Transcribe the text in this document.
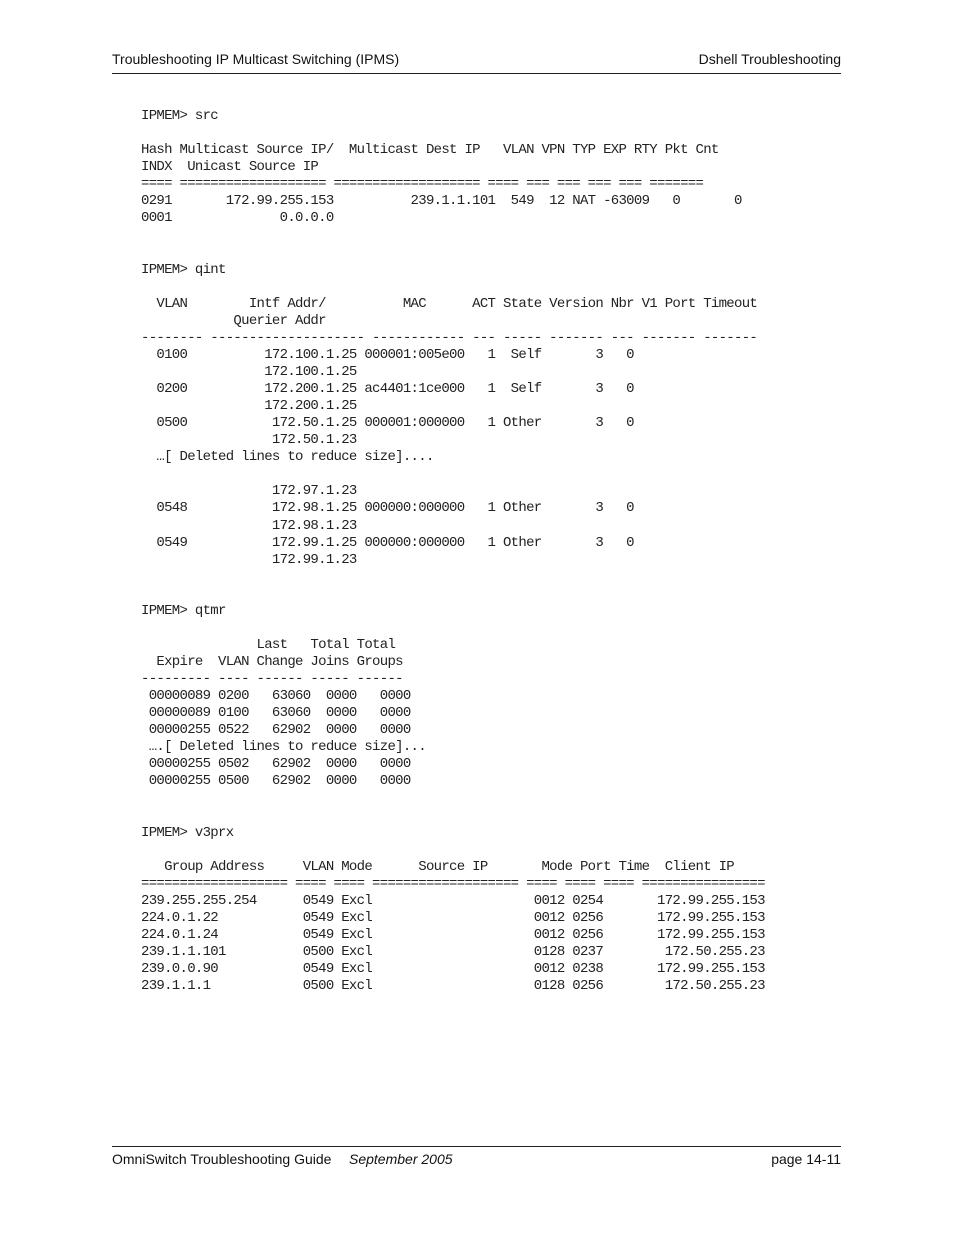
Troubleshooting IP Multicast Switching (IPMS)	Dshell Troubleshooting
IPMEM> src

Hash Multicast Source IP/  Multicast Dest IP   VLAN VPN TYP EXP RTY Pkt Cnt
INDX  Unicast Source IP
==== =================== =================== ==== === === === === =======
0291       172.99.255.153          239.1.1.101  549  12 NAT -63009   0       0
0001              0.0.0.0

IPMEM> qint

VLAN        Intf Addr/          MAC      ACT State Version Nbr V1 Port Timeout
Querier Addr
-------- -------------------- ------------ --- ----- ------- --- ------- -------
0100          172.100.1.25 000001:005e00   1  Self       3   0
172.100.1.25
0200          172.200.1.25 ac4401:1ce000   1  Self       3   0
172.200.1.25
0500           172.50.1.25 000001:000000   1 Other       3   0
172.50.1.23
…[ Deleted lines to reduce size]....

172.97.1.23
0548           172.98.1.25 000000:000000   1 Other       3   0
172.98.1.23
0549           172.99.1.25 000000:000000   1 Other       3   0
172.99.1.23

IPMEM> qtmr

Last   Total Total
Expire  VLAN Change Joins Groups
--------- ---- ------ ----- ------
00000089 0200   63060  0000   0000
00000089 0100   63060  0000   0000
00000255 0522   62902  0000   0000
….[ Deleted lines to reduce size]...
00000255 0502   62902  0000   0000
00000255 0500   62902  0000   0000

IPMEM> v3prx

Group Address     VLAN Mode      Source IP       Mode Port Time  Client IP
=================== ==== ==== =================== ==== ==== ==== ================
239.255.255.254      0549 Excl                     0012 0254       172.99.255.153
224.0.1.22           0549 Excl                     0012 0256       172.99.255.153
224.0.1.24           0549 Excl                     0012 0256       172.99.255.153
239.1.1.101          0500 Excl                     0128 0237        172.50.255.23
239.0.0.90           0549 Excl                     0012 0238       172.99.255.153
239.1.1.1            0500 Excl                     0128 0256        172.50.255.23

OmniSwitch Troubleshooting Guide September 2005	page 14-11
